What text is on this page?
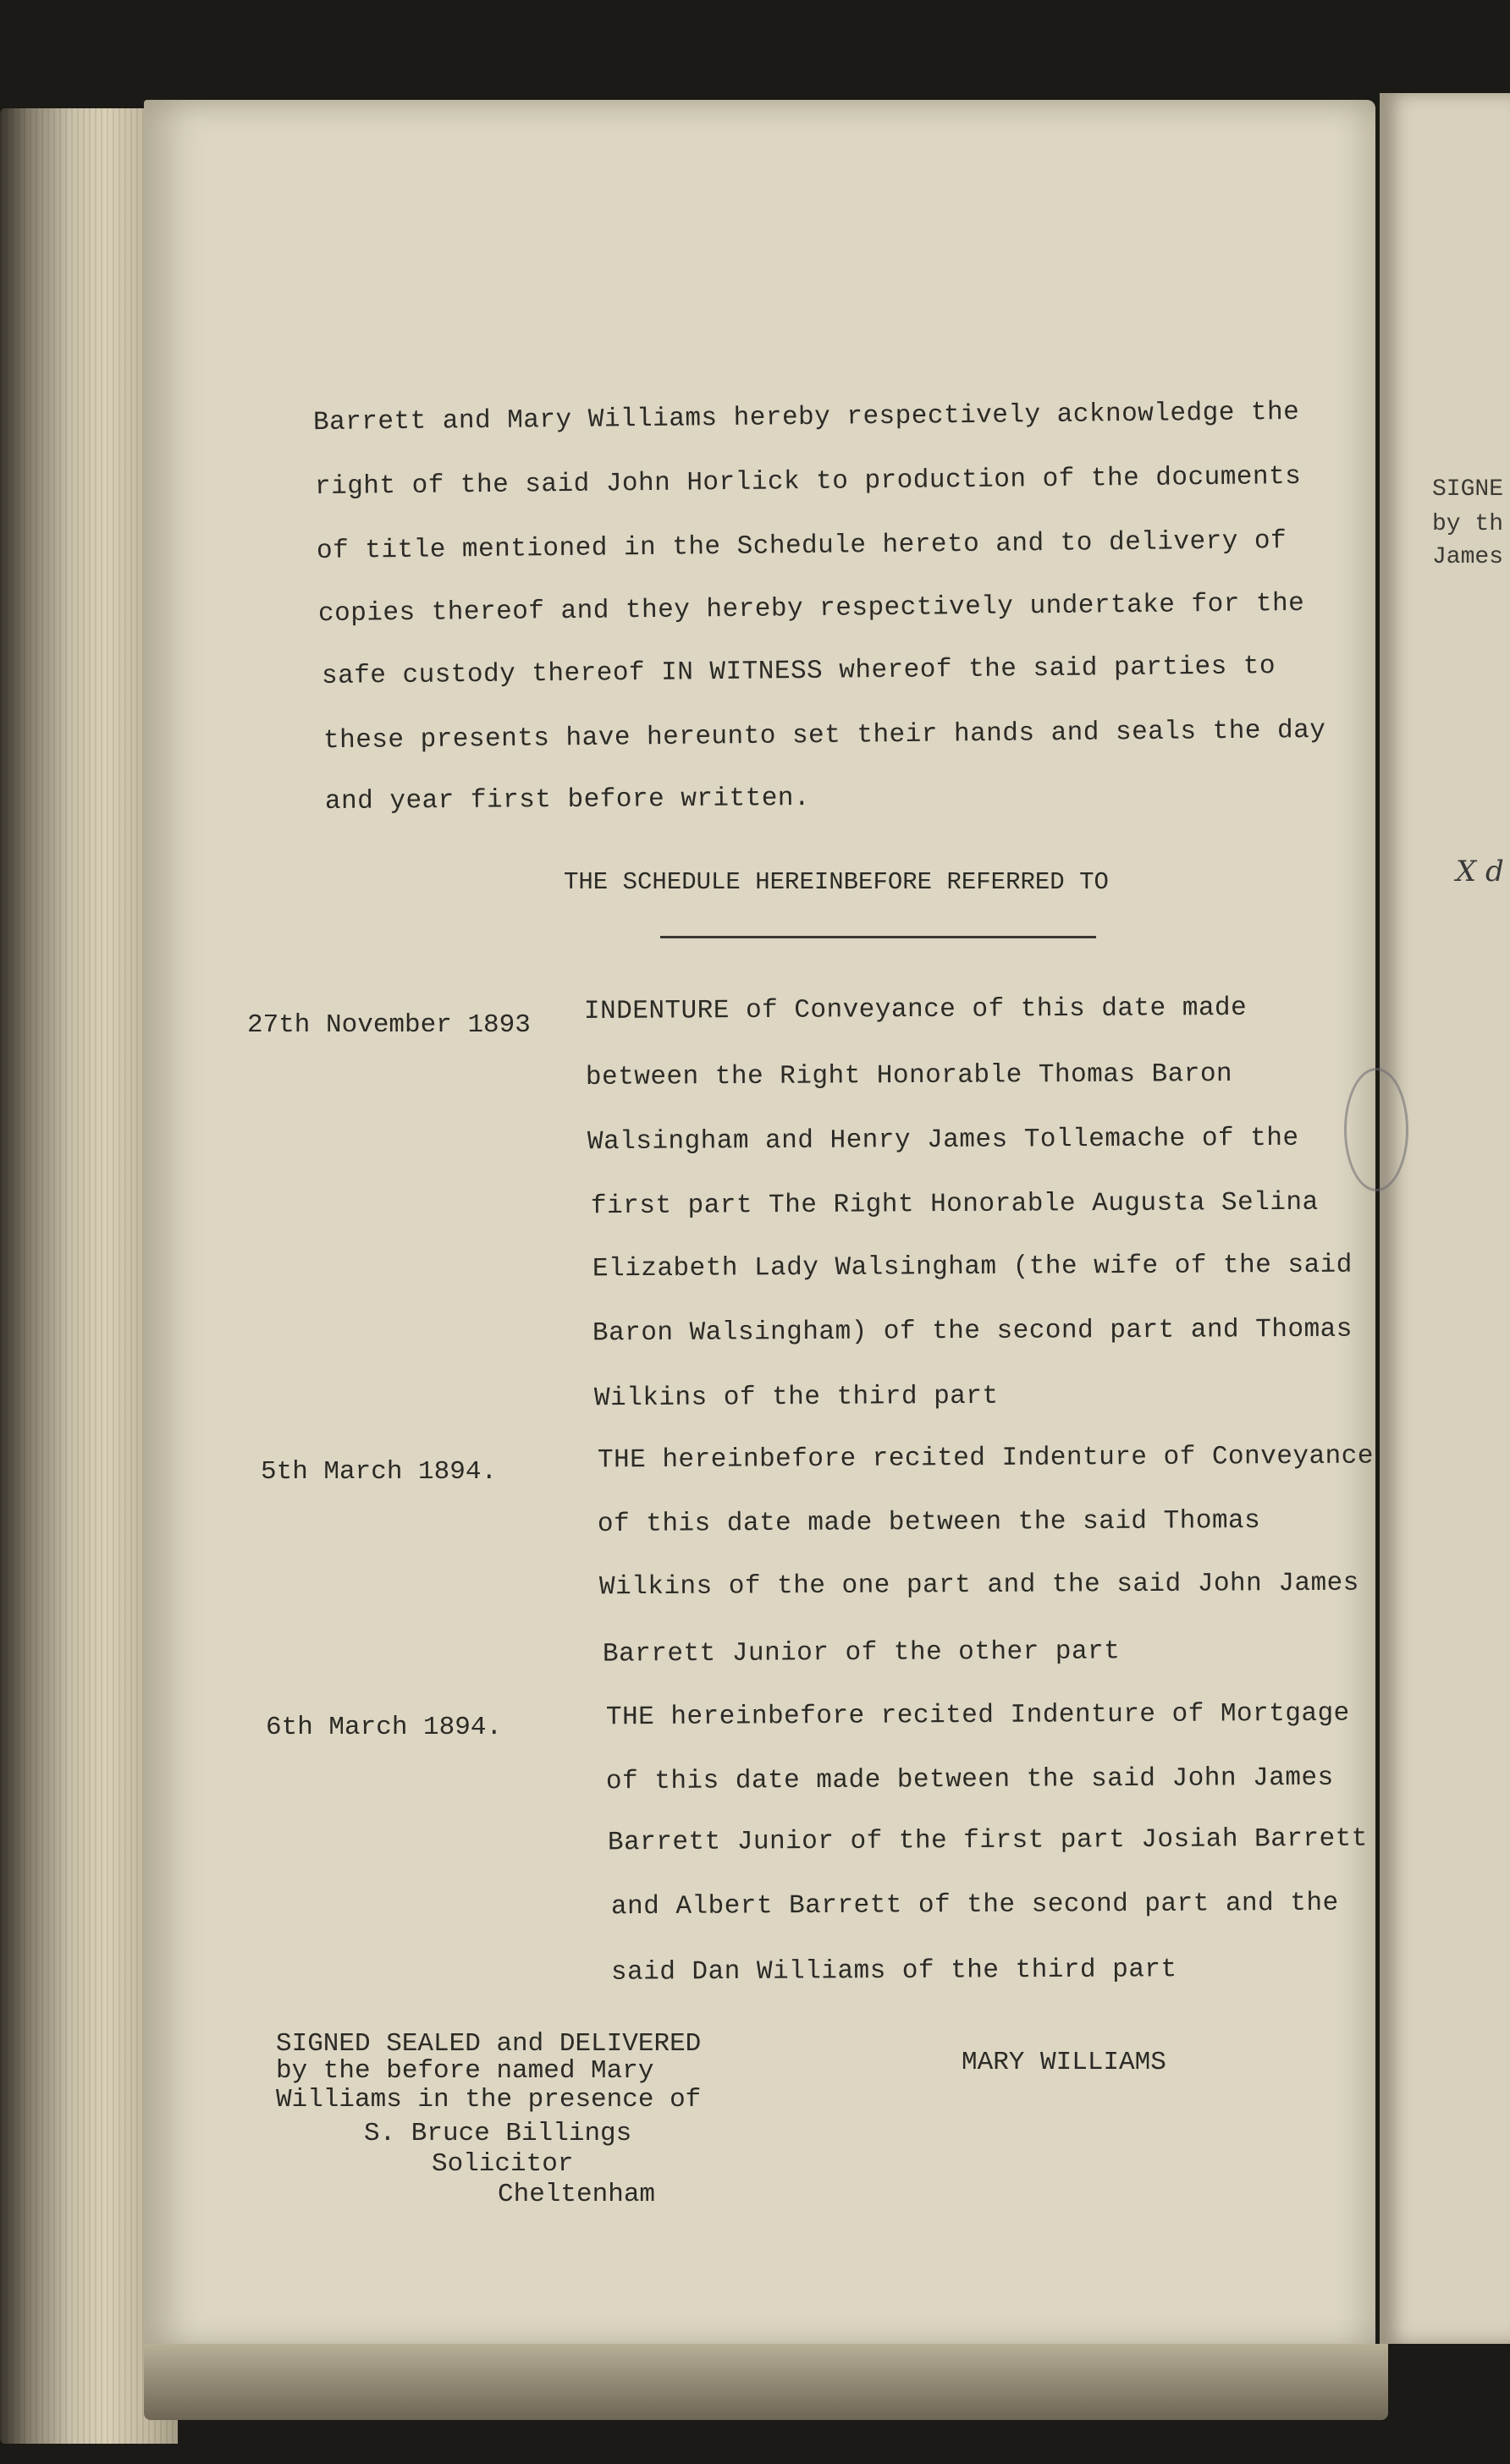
SIGNE
by th
James
X d
Barrett and Mary Williams hereby respectively acknowledge the
right of the said John Horlick to production of the documents
of title mentioned in the Schedule hereto and to delivery of
copies thereof and they hereby respectively undertake for the
safe custody thereof IN WITNESS whereof the said parties to
these presents have hereunto set their hands and seals the day
and year first before written.
THE SCHEDULE HEREINBEFORE REFERRED TO
27th November 1893 INDENTURE of Conveyance of this date made
between the Right Honorable Thomas Baron
Walsingham and Henry James Tollemache of the
first part The Right Honorable Augusta Selina
Elizabeth Lady Walsingham (the wife of the said
Baron Walsingham) of the second part and Thomas
Wilkins of the third part
5th March 1894.	THE hereinbefore recited Indenture of Conveyance
of this date made between the said Thomas
Wilkins of the one part and the said John James
Barrett Junior of the other part
6th March 1894.	THE hereinbefore recited Indenture of Mortgage
of this date made between the said John James
Barrett Junior of the first part Josiah Barrett
and Albert Barrett of the second part and the
said Dan Williams of the third part
SIGNED SEALED and DELIVERED
by the before named Mary
Williams in the presence of
S. Bruce Billings
Solicitor
Cheltenham
MARY WILLIAMS
